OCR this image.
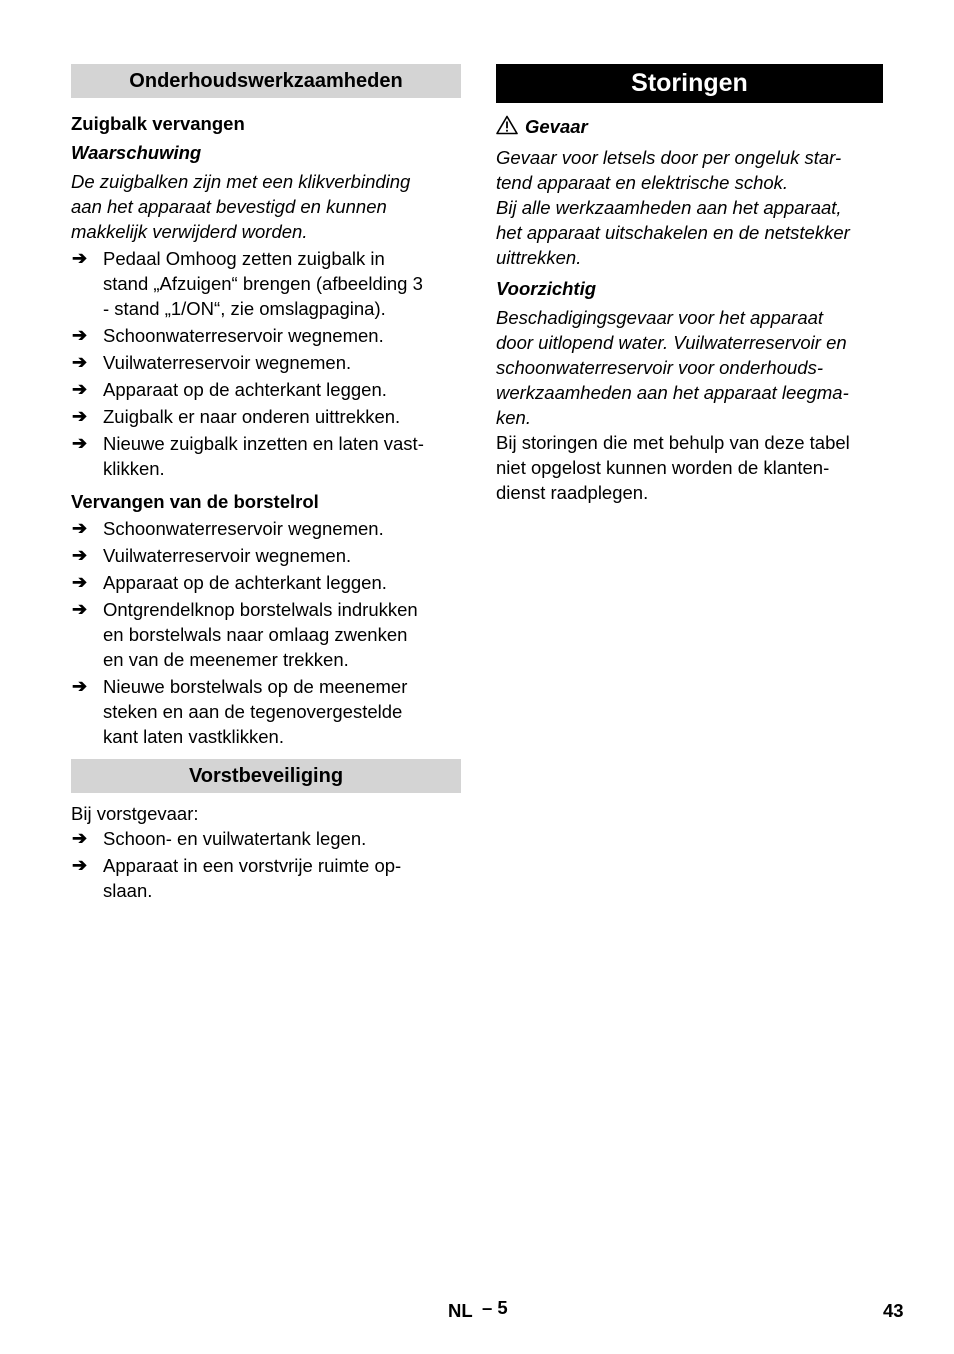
Onderhoudswerkzaamheden
Zuigbalk vervangen
Waarschuwing
De zuigbalken zijn met een klikverbinding
aan het apparaat bevestigd en kunnen
makkelijk verwijderd worden.
➔ Pedaal Omhoog zetten zuigbalk in
stand „Afzuigen“ brengen (afbeelding 3
- stand „1/ON“, zie omslagpagina).
➔ Schoonwaterreservoir wegnemen.
➔ Vuilwaterreservoir wegnemen.
➔ Apparaat op de achterkant leggen.
➔ Zuigbalk er naar onderen uittrekken.
➔ Nieuwe zuigbalk inzetten en laten vast-
klikken.
Vervangen van de borstelrol
➔ Schoonwaterreservoir wegnemen.
➔ Vuilwaterreservoir wegnemen.
➔ Apparaat op de achterkant leggen.
➔ Ontgrendelknop borstelwals indrukken
en borstelwals naar omlaag zwenken
en van de meenemer trekken.
➔ Nieuwe borstelwals op de meenemer
steken en aan de tegenovergestelde
kant laten vastklikken.
Vorstbeveiliging
Bij vorstgevaar:
➔ Schoon- en vuilwatertank legen.
➔ Apparaat in een vorstvrije ruimte op-
slaan.
Storingen
Gevaar
Gevaar voor letsels door per ongeluk star-
tend apparaat en elektrische schok.
Bij alle werkzaamheden aan het apparaat,
het apparaat uitschakelen en de netstekker
uittrekken.
Voorzichtig
Beschadigingsgevaar voor het apparaat
door uitlopend water. Vuilwaterreservoir en
schoonwaterreservoir voor onderhouds-
werkzaamheden aan het apparaat leegma-
ken.
Bij storingen die met behulp van deze tabel
niet opgelost kunnen worden de klanten-
dienst raadplegen.
NL – 5	43
